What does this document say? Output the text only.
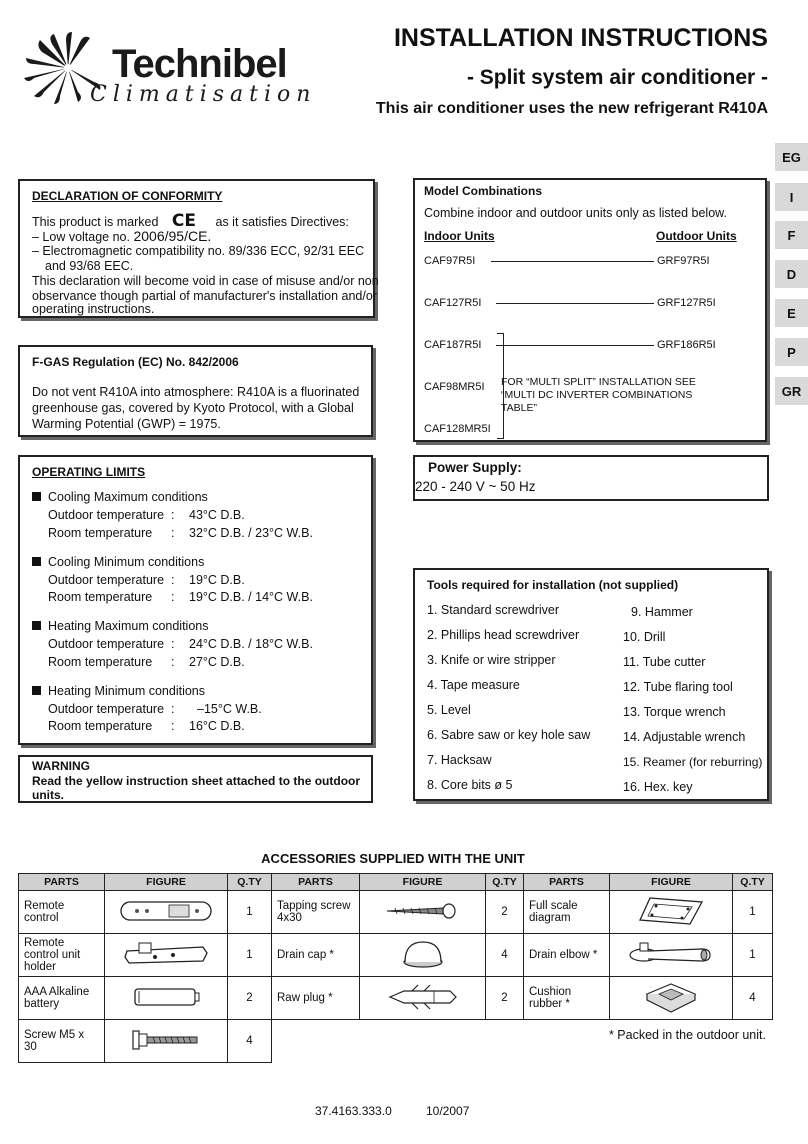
Technibel
Climatisation
INSTALLATION INSTRUCTIONS
- Split system air conditioner -
This air conditioner uses the new refrigerant R410A
EG
I
F
D
E
P
GR
DECLARATION OF CONFORMITY
This product is marked CE as it satisfies Directives:
– Low voltage no. 2006/95/CE.
– Electromagnetic compatibility no. 89/336 ECC, 92/31 EEC
and 93/68 EEC.
This declaration will become void in case of misuse and/or non
observance though partial of manufacturer's installation and/or
operating instructions.
F-GAS Regulation (EC) No. 842/2006
Do not vent R410A into atmosphere: R410A is a fluorinated
greenhouse gas, covered by Kyoto Protocol, with a Global
Warming Potential (GWP) = 1975.
OPERATING LIMITS
Cooling Maximum conditions
Outdoor temperature : 43°C D.B.
Room temperature : 32°C D.B. / 23°C W.B.
Cooling Minimum conditions
Outdoor temperature : 19°C D.B.
Room temperature : 19°C D.B. / 14°C W.B.
Heating Maximum conditions
Outdoor temperature : 24°C D.B. / 18°C W.B.
Room temperature : 27°C D.B.
Heating Minimum conditions
Outdoor temperature : –15°C W.B.
Room temperature : 16°C D.B.
WARNING
Read the yellow instruction sheet attached to the outdoor units.
Model Combinations
Combine indoor and outdoor units only as listed below.
Indoor Units	Outdoor Units
CAF97R5I	GRF97R5I
CAF127R5I	GRF127R5I
CAF187R5I	GRF186R5I
CAF98MR5I
CAF128MR5I
FOR “MULTI SPLIT” INSTALLATION SEE “MULTI DC INVERTER COMBINATIONS TABLE”
Power Supply:
220 - 240 V ~ 50 Hz
Tools required for installation (not supplied)
1. Standard screwdriver
2. Phillips head screwdriver
3. Knife or wire stripper
4. Tape measure
5. Level
6. Sabre saw or key hole saw
7. Hacksaw
8. Core bits ø 5
9. Hammer
10. Drill
11. Tube cutter
12. Tube flaring tool
13. Torque wrench
14. Adjustable wrench
15. Reamer (for reburring)
16. Hex. key
ACCESSORIES SUPPLIED WITH THE UNIT
PARTS	FIGURE	Q.TY	PARTS	FIGURE	Q.TY	PARTS	FIGURE	Q.TY
Remote control		1	Tapping screw 4x30		2	Full scale diagram		1
Remote control unit holder		1	Drain cap *		4	Drain elbow *		1
AAA Alkaline battery		2	Raw plug *		2	Cushion rubber *		4
Screw M5 x 30		4							* Packed in the outdoor unit.
37.4163.333.0	10/2007
